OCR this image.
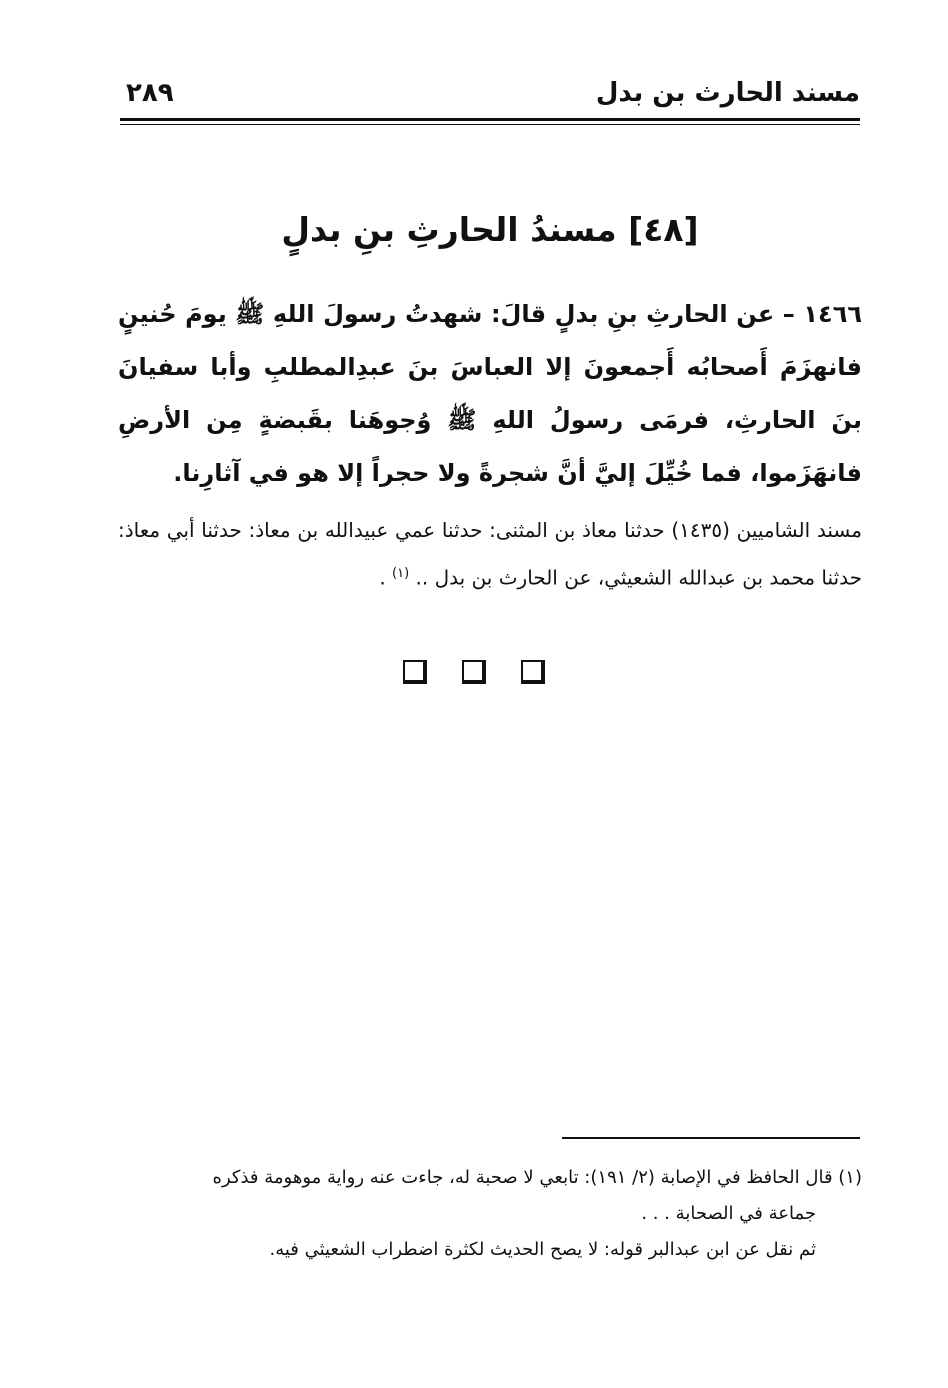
مسند الحارث بن بدل
٢٨٩
[٤٨] مسندُ الحارثِ بنِ بدلٍ
١٤٦٦ – عن الحارثِ بنِ بدلٍ قالَ: شهدتُ رسولَ اللهِ ﷺ يومَ حُنينٍ فانهزَمَ أَصحابُه أَجمعونَ إلا العباسَ بنَ عبدِالمطلبِ وأبا سفيانَ بنَ الحارثِ، فرمَى رسولُ اللهِ ﷺ وُجوهَنا بقَبضةٍ مِن الأرضِ فانهَزَموا، فما خُيِّلَ إليَّ أنَّ شجرةً ولا حجراً إلا هو في آثارِنا.
مسند الشاميين (١٤٣٥) حدثنا معاذ بن المثنى: حدثنا عمي عبيدالله بن معاذ: حدثنا أبي معاذ: حدثنا محمد بن عبدالله الشعيثي، عن الحارث بن بدل .. $^{(١)}$ .

(١) قال الحافظ في الإصابة (٢/ ١٩١): تابعي لا صحبة له، جاءت عنه رواية موهومة فذكره
جماعة في الصحابة . . .
ثم نقل عن ابن عبدالبر قوله: لا يصح الحديث لكثرة اضطراب الشعيثي فيه.
